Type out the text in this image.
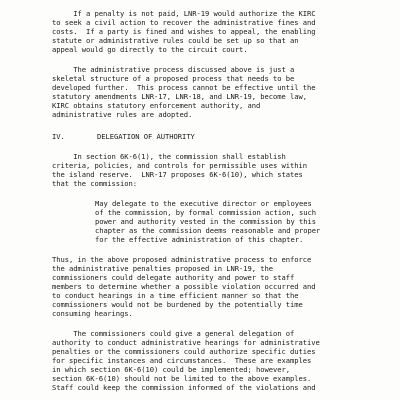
If a penalty is not paid, LNR-19 would authorize the KIRC
to seek a civil action to recover the administrative fines and
costs.  If a party is fined and wishes to appeal, the enabling
statute or administrative rules could be set up so that an
appeal would go directly to the circuit court.
The administrative process discussed above is just a
skeletal structure of a proposed process that needs to be
developed further.  This process cannot be effective until the
statutory amendments LNR-17, LNR-18, and LNR-19, become law,
KIRC obtains statutory enforcement authority, and
administrative rules are adopted.
IV.	DELEGATION OF AUTHORITY
In section 6K-6(1), the commission shall establish
criteria, policies, and controls for permissible uses within
the island reserve.  LNR-17 proposes 6K-6(10), which states
that the commission:
May delegate to the executive director or employees
of the commission, by formal commission action, such
power and authority vested in the commission by this
chapter as the commission deems reasonable and proper
for the effective administration of this chapter.
Thus, in the above proposed administrative process to enforce
the administrative penalties proposed in LNR-19, the
commissioners could delegate authority and power to staff
members to determine whether a possible violation occurred and
to conduct hearings in a time efficient manner so that the
commissioners would not be burdened by the potentially time
consuming hearings.
The commissioners could give a general delegation of
authority to conduct administrative hearings for administrative
penalties or the commissioners could authorize specific duties
for specific instances and circumstances.  These are examples
in which section 6K-6(10) could be implemented; however,
section 6K-6(10) should not be limited to the above examples.
Staff could keep the commission informed of the violations and
